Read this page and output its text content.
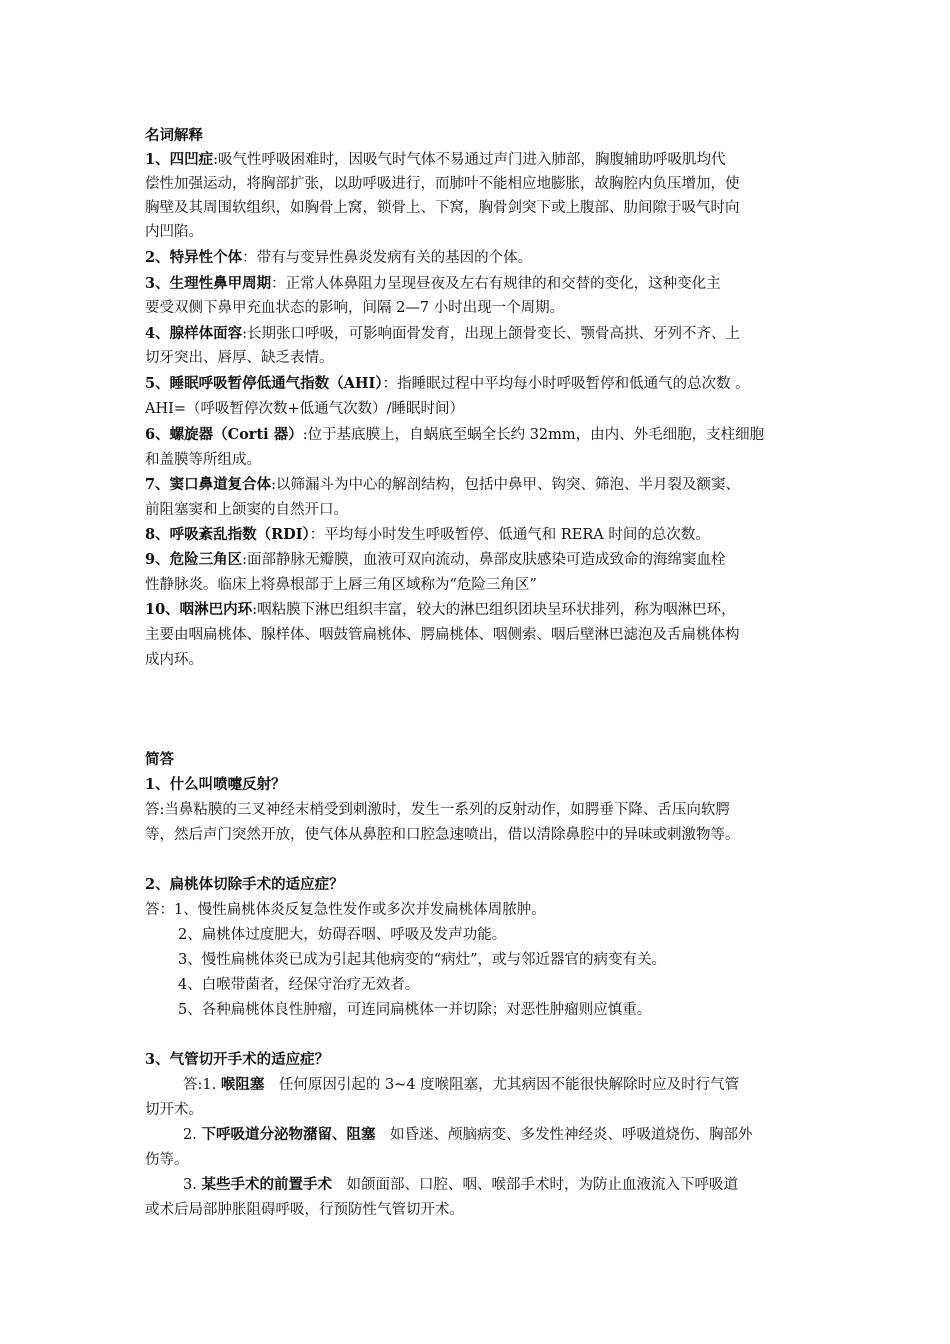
名词解释
1、四凹症:吸气性呼吸困难时，因吸气时气体不易通过声门进入肺部，胸腹辅助呼吸肌均代
偿性加强运动，将胸部扩张，以助呼吸进行，而肺叶不能相应地膨胀，故胸腔内负压增加，使
胸壁及其周围软组织，如胸骨上窝，锁骨上、下窝，胸骨剑突下或上腹部、肋间隙于吸气时向
内凹陷。
2、特异性个体：带有与变异性鼻炎发病有关的基因的个体。
3、生理性鼻甲周期：正常人体鼻阻力呈现昼夜及左右有规律的和交替的变化，这种变化主
要受双侧下鼻甲充血状态的影响，间隔 2—7 小时出现一个周期。
4、腺样体面容:长期张口呼吸，可影响面骨发育，出现上颌骨变长、颚骨高拱、牙列不齐、上
切牙突出、唇厚、缺乏表情。
5、睡眠呼吸暂停低通气指数（AHI）：指睡眠过程中平均每小时呼吸暂停和低通气的总次数 。
AHI=（呼吸暂停次数+低通气次数）/睡眠时间）
6、螺旋器（Corti 器）:位于基底膜上，自蜗底至蜗全长约 32mm，由内、外毛细胞，支柱细胞
和盖膜等所组成。
7、窦口鼻道复合体:以筛漏斗为中心的解剖结构，包括中鼻甲、钩突、筛泡、半月裂及额窦、
前阻塞窦和上颌窦的自然开口。
8、呼吸紊乱指数（RDI）：平均每小时发生呼吸暂停、低通气和 RERA 时间的总次数。
9、危险三角区:面部静脉无瓣膜，血液可双向流动，鼻部皮肤感染可造成致命的海绵窦血栓
性静脉炎。临床上将鼻根部于上唇三角区域称为“危险三角区”
10、咽淋巴内环:咽粘膜下淋巴组织丰富，较大的淋巴组织团块呈环状排列，称为咽淋巴环，
主要由咽扁桃体、腺样体、咽鼓管扁桃体、腭扁桃体、咽侧索、咽后壁淋巴滤泡及舌扁桃体构
成内环。
简答
1、什么叫喷嚏反射？
答:当鼻粘膜的三叉神经末梢受到刺激时，发生一系列的反射动作，如腭垂下降、舌压向软腭
等，然后声门突然开放，使气体从鼻腔和口腔急速喷出，借以清除鼻腔中的异味或刺激物等。
2、扁桃体切除手术的适应症？
答：1、慢性扁桃体炎反复急性发作或多次并发扁桃体周脓肿。
2、扁桃体过度肥大，妨碍吞咽、呼吸及发声功能。
3、慢性扁桃体炎已成为引起其他病变的“病灶”，或与邻近器官的病变有关。
4、白喉带菌者，经保守治疗无效者。
5、各种扁桃体良性肿瘤，可连同扁桃体一并切除；对恶性肿瘤则应慎重。
3、气管切开手术的适应症？
答:1. 喉阻塞　任何原因引起的 3~4 度喉阻塞，尤其病因不能很快解除时应及时行气管
切开术。
2. 下呼吸道分泌物潴留、阻塞　如昏迷、颅脑病变、多发性神经炎、呼吸道烧伤、胸部外
伤等。
3. 某些手术的前置手术　如颌面部、口腔、咽、喉部手术时，为防止血液流入下呼吸道
或术后局部肿胀阻碍呼吸，行预防性气管切开术。
